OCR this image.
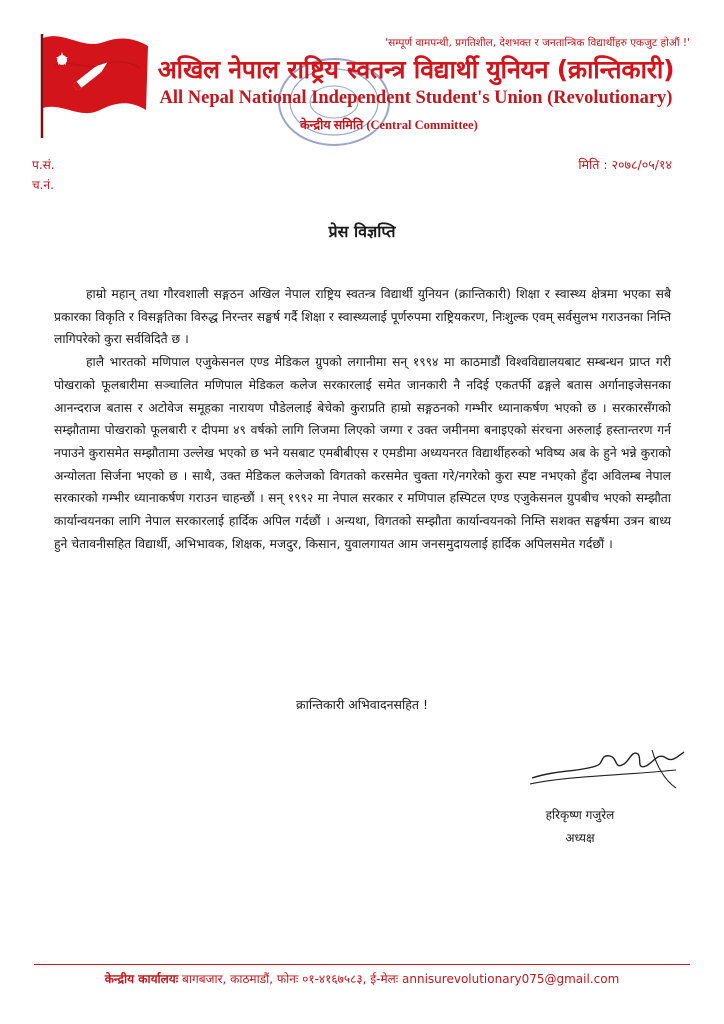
'सम्पूर्ण वामपन्थी, प्रगतिशील, देशभक्त र जनतान्त्रिक विद्यार्थीहरु एकजुट होऔं !'
अखिल नेपाल राष्ट्रिय स्वतन्त्र विद्यार्थी युनियन (क्रान्तिकारी)
All Nepal National Independent Student's Union (Revolutionary)
केन्द्रीय समिति (Central Committee)
प.सं.
च.नं.
मिति : २०७८/०५/१४
प्रेस विज्ञप्ति

हाम्रो महान् तथा गौरवशाली सङ्गठन अखिल नेपाल राष्ट्रिय स्वतन्त्र विद्यार्थी युनियन (क्रान्तिकारी) शिक्षा र स्वास्थ्य क्षेत्रमा भएका सबै प्रकारका विकृति र विसङ्गतिका विरुद्ध निरन्तर सङ्घर्ष गर्दै शिक्षा र स्वास्थ्यलाई पूर्णरुपमा राष्ट्रियकरण, निःशुल्क एवम् सर्वसुलभ गराउनका निम्ति लागिपरेको कुरा सर्वविदितै छ ।

हालै भारतको मणिपाल एजुकेसनल एण्ड मेडिकल ग्रुपको लगानीमा सन् १९९४ मा काठमाडौं विश्वविद्यालयबाट सम्बन्धन प्राप्त गरी पोखराको फूलबारीमा सञ्चालित मणिपाल मेडिकल कलेज सरकारलाई समेत जानकारी नै नदिई एकतर्फी ढङ्गले बतास अर्गानाइजेसनका आनन्दराज बतास र अटोवेज समूहका नारायण पौडेललाई बेचेको कुराप्रति हाम्रो सङ्गठनको गम्भीर ध्यानाकर्षण भएको छ । सरकारसँगको सम्झौतामा पोखराको फूलबारी र दीपमा ४९ वर्षको लागि लिजमा लिएको जग्गा र उक्त जमीनमा बनाइएको संरचना अरुलाई हस्तान्तरण गर्न नपाउने कुरासमेत सम्झौतामा उल्लेख भएको छ भने यसबाट एमबीबीएस र एमडीमा अध्ययनरत विद्यार्थीहरुको भविष्य अब के हुने भन्ने कुराको अन्योलता सिर्जना भएको छ । साथै, उक्त मेडिकल कलेजको विगतको करसमेत चुक्ता गरे/नगरेको कुरा स्पष्ट नभएको हुँदा अविलम्ब नेपाल सरकारको गम्भीर ध्यानाकर्षण गराउन चाहन्छौं । सन् १९९२ मा नेपाल सरकार र मणिपाल हस्पिटल एण्ड एजुकेसनल ग्रुपबीच भएको सम्झौता कार्यान्वयनका लागि नेपाल सरकारलाई हार्दिक अपिल गर्दछौं । अन्यथा, विगतको सम्झौता कार्यान्वयनको निम्ति सशक्त सङ्घर्षमा उत्रन बाध्य हुने चेतावनीसहित विद्यार्थी, अभिभावक, शिक्षक, मजदुर, किसान, युवालगायत आम जनसमुदायलाई हार्दिक अपिलसमेत गर्दछौं ।

क्रान्तिकारी अभिवादनसहित !
हरिकृष्ण गजुरेल
अध्यक्ष
केन्द्रीय कार्यालयः बागबजार, काठमाडौं, फोनः ०१-४१६७५८३, ई-मेलः annisurevolutionary075@gmail.com
